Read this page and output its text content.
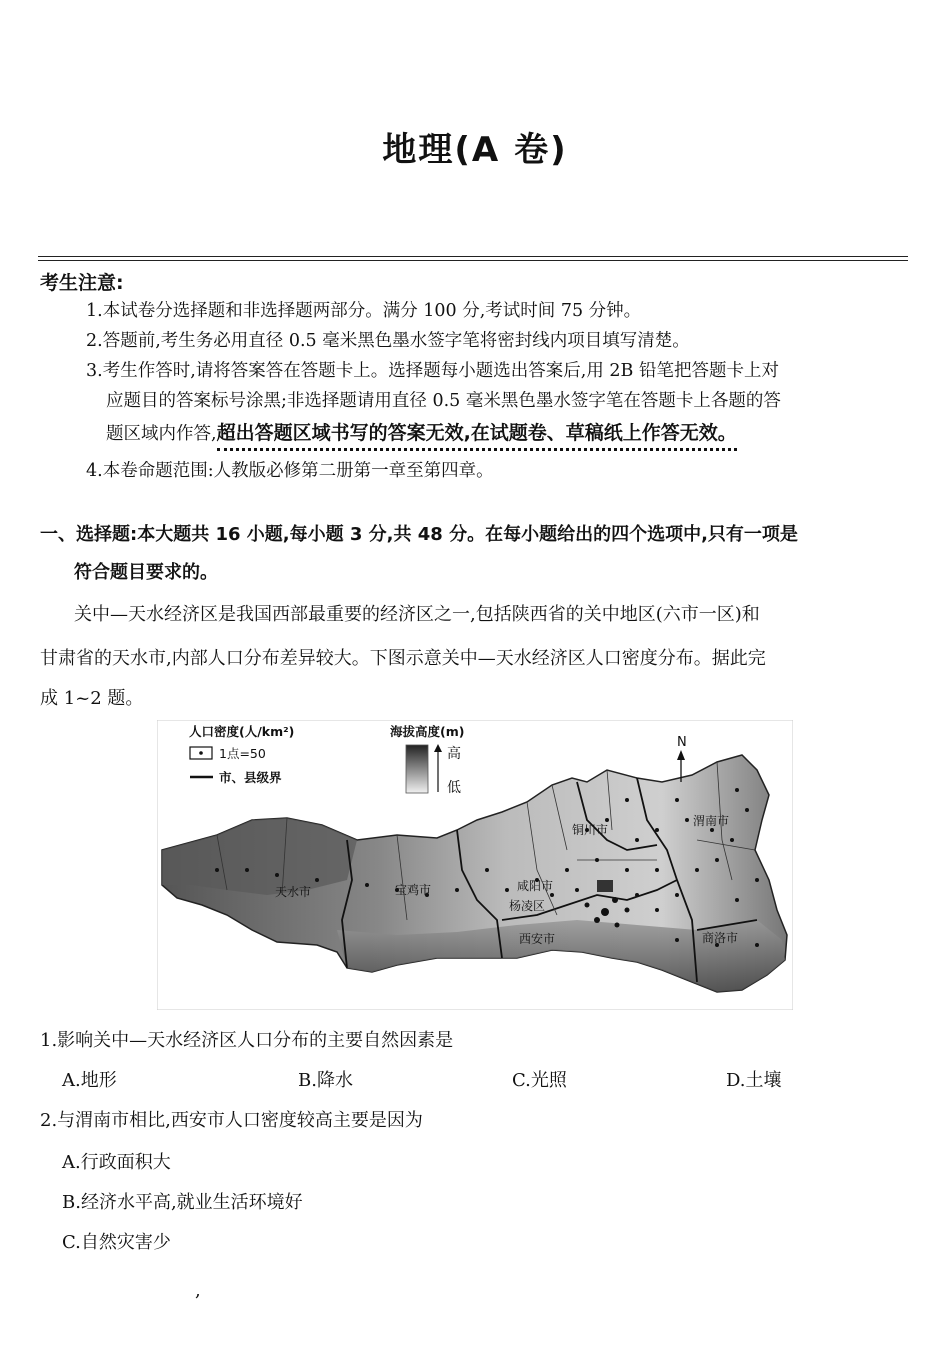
地理(A 卷)
考生注意:
1.本试卷分选择题和非选择题两部分。满分 100 分,考试时间 75 分钟。
2.答题前,考生务必用直径 0.5 毫米黑色墨水签字笔将密封线内项目填写清楚。
3.考生作答时,请将答案答在答题卡上。选择题每小题选出答案后,用 2B 铅笔把答题卡上对
应题目的答案标号涂黑;非选择题请用直径 0.5 毫米黑色墨水签字笔在答题卡上各题的答
题区域内作答,超出答题区域书写的答案无效,在试题卷、草稿纸上作答无效。
4.本卷命题范围:人教版必修第二册第一章至第四章。
一、选择题:本大题共 16 小题,每小题 3 分,共 48 分。在每小题给出的四个选项中,只有一项是
符合题目要求的。
关中—天水经济区是我国西部最重要的经济区之一,包括陕西省的关中地区(六市一区)和
甘肃省的天水市,内部人口分布差异较大。下图示意关中—天水经济区人口密度分布。据此完
成 1~2 题。
天水市	宝鸡市	咸阳市
杨凌区
西安市
铜川市
渭南市
商洛市
人口密度(人/km²)
1点=50
市、县级界
海拔高度(m)
高
低
N
1.影响关中—天水经济区人口分布的主要自然因素是
A.地形	B.降水	C.光照	D.土壤
2.与渭南市相比,西安市人口密度较高主要是因为
A.行政面积大
B.经济水平高,就业生活环境好
C.自然灾害少
,
